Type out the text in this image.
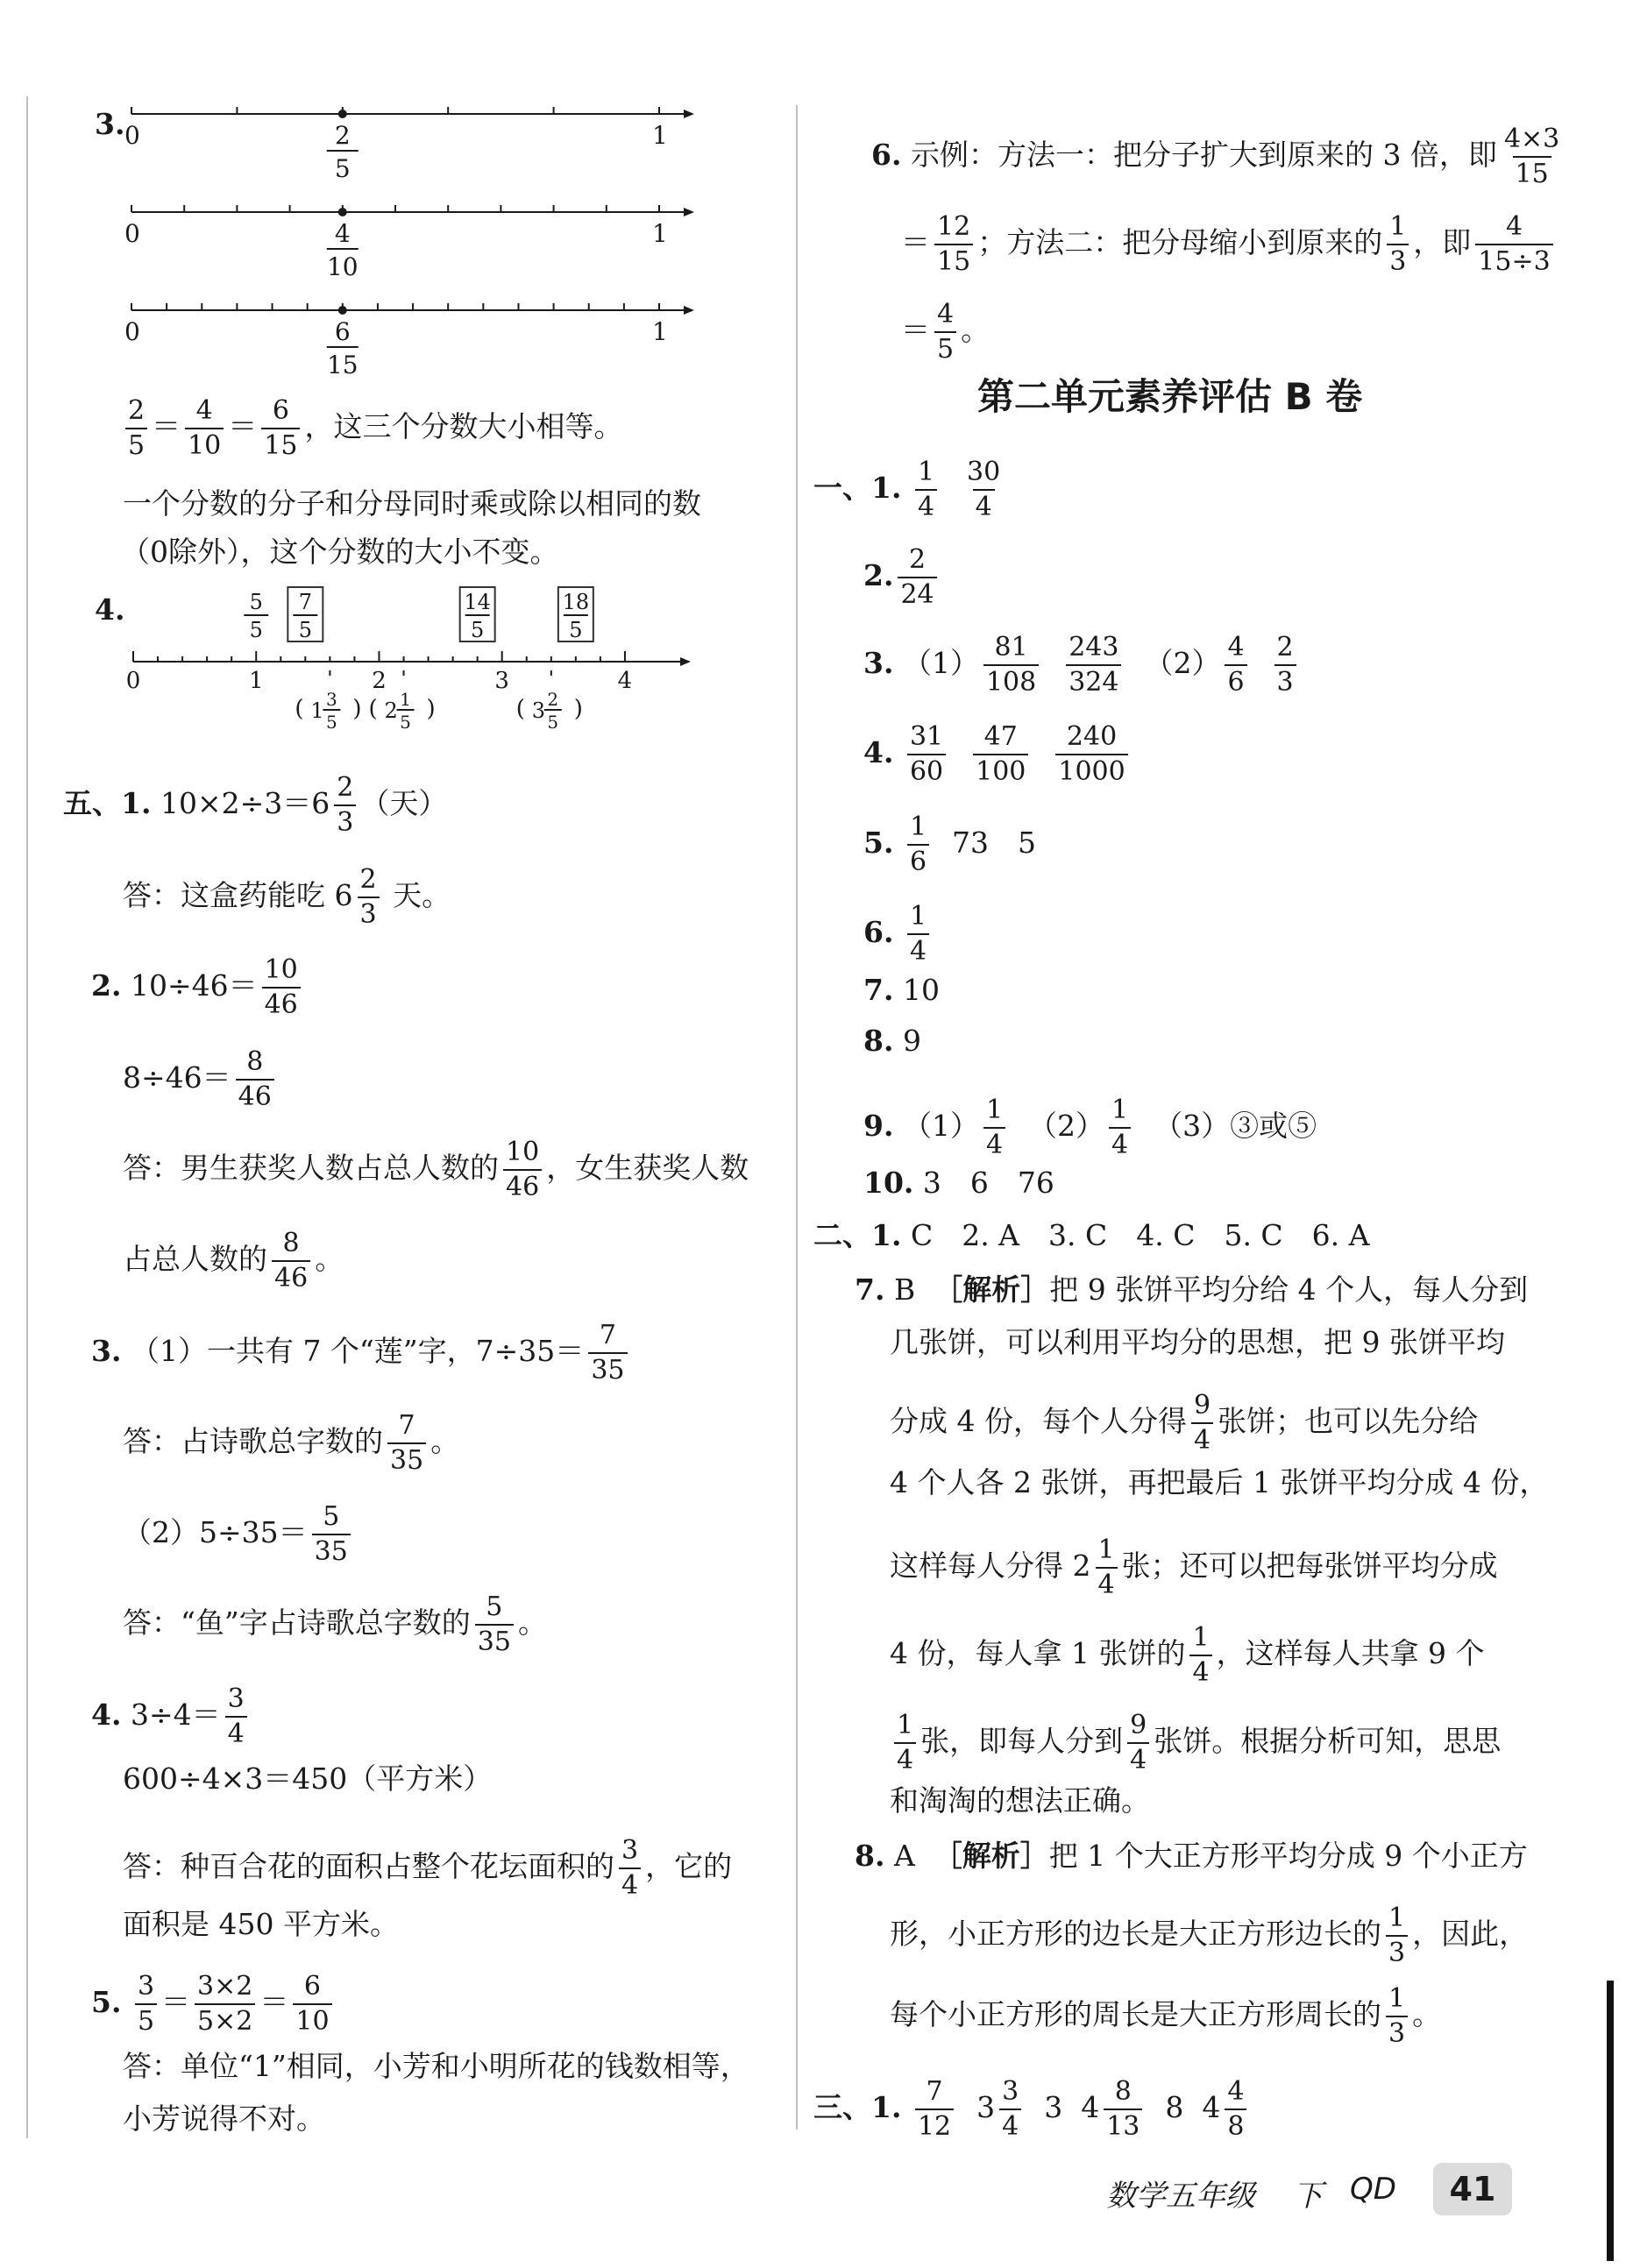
3. 0	1
2
5
0	1
4
10
0	1
6
15
$\frac{2}{5} = \frac{4}{10} = \frac{6}{15}$ ，这三个分数大小相等。
一个分数的分子和分母同时乘或除以相同的数
（0除外），这个分数的大小不变。
4.
0	1	2	3	4
5
5
7
5
14
5
18
5
( 1 3
5 ) ( 2 1
5 )	( 3 2
5 )
五、1. $10\times 2\div 3=6 \frac{2}{3}$ （天）
答：这盒药能吃 $6 \frac{2}{3}$ 天。
2. $10\div 46= \frac{10}{46}$
$8\div 46= \frac{8}{46}$
答：男生获奖人数占总人数的 $\frac{10}{46}$ ，女生获奖人数
占总人数的 $\frac{8}{46}$ 。
3. （1）一共有 7 个“莲”字，$7\div 35= \frac{7}{35}$
答：占诗歌总字数的 $\frac{7}{35}$ 。
$(2)5\div 35= \frac{5}{35}$
答：“鱼”字占诗歌总字数的 $\frac{5}{35}$ 。
4. $3\div 4= \frac{3}{4}$
600÷4×3＝450（平方米）
答：种百合花的面积占整个花坛面积的 $\frac{3}{4}$ ，它的
面积是 450 平方米。
5. $\frac{3}{5} = \frac{3\times 2}{5\times 2} = \frac{6}{10}$
答：单位“1”相同，小芳和小明所花的钱数相等，
小芳说得不对。
6. 示例：方法一：把分子扩大到原来的 3 倍，即 $\frac{4\times 3}{15}$
＝ $\frac{12}{15}$ ；方法二：把分母缩小到原来的 $\frac{1}{3}$ ，即 $\frac{4}{15\div 3}$
＝ $\frac{4}{5}$ 。
第二单元素养评估 B 卷
一、1. $\frac{1}{4}$
$\frac{30}{4}$
2. $\frac{2}{24}$
3. $(1) \frac{81}{108}$
$\frac{243}{324} (2) \frac{4}{6}$
$\frac{2}{3}$
4. $\frac{31}{60}$
$\frac{47}{100}$
$\frac{240}{1000}$
5. $\frac{1}{6} 73$　5
6. $\frac{1}{4}$
7. 10
8. 9
9. $(1) \frac{1}{4} (2) \frac{1}{4}$ （3）③或⑤
10. 3　6　76
二、1. C　2. A　3. C　4. C　5. C　6. A
7. B ［解析］把 9 张饼平均分给 4 个人，每人分到
几张饼，可以利用平均分的思想，把 9 张饼平均
分成 4 份，每个人分得 $\frac{9}{4}$ 张饼；也可以先分给
4 个人各 2 张饼，再把最后 1 张饼平均分成 4 份，
这样每人分得 $2 \frac{1}{4}$ 张；还可以把每张饼平均分成
4 份，每人拿 1 张饼的 $\frac{1}{4}$ ，这样每人共拿 9 个
$\frac{1}{4}$ 张，即每人分到 $\frac{9}{4}$ 张饼。根据分析可知，思思
和淘淘的想法正确。
8. A ［解析］把 1 个大正方形平均分成 9 个小正方
形，小正方形的边长是大正方形边长的 $\frac{1}{3}$ ，因此，
每个小正方形的周长是大正方形周长的 $\frac{1}{3}$ 。
三、1. $\frac{7}{12} 3 \frac{3}{4} 3$ $4 \frac{8}{13} 8$ $4 \frac{4}{8}$
数学五年级 下 QD	41
